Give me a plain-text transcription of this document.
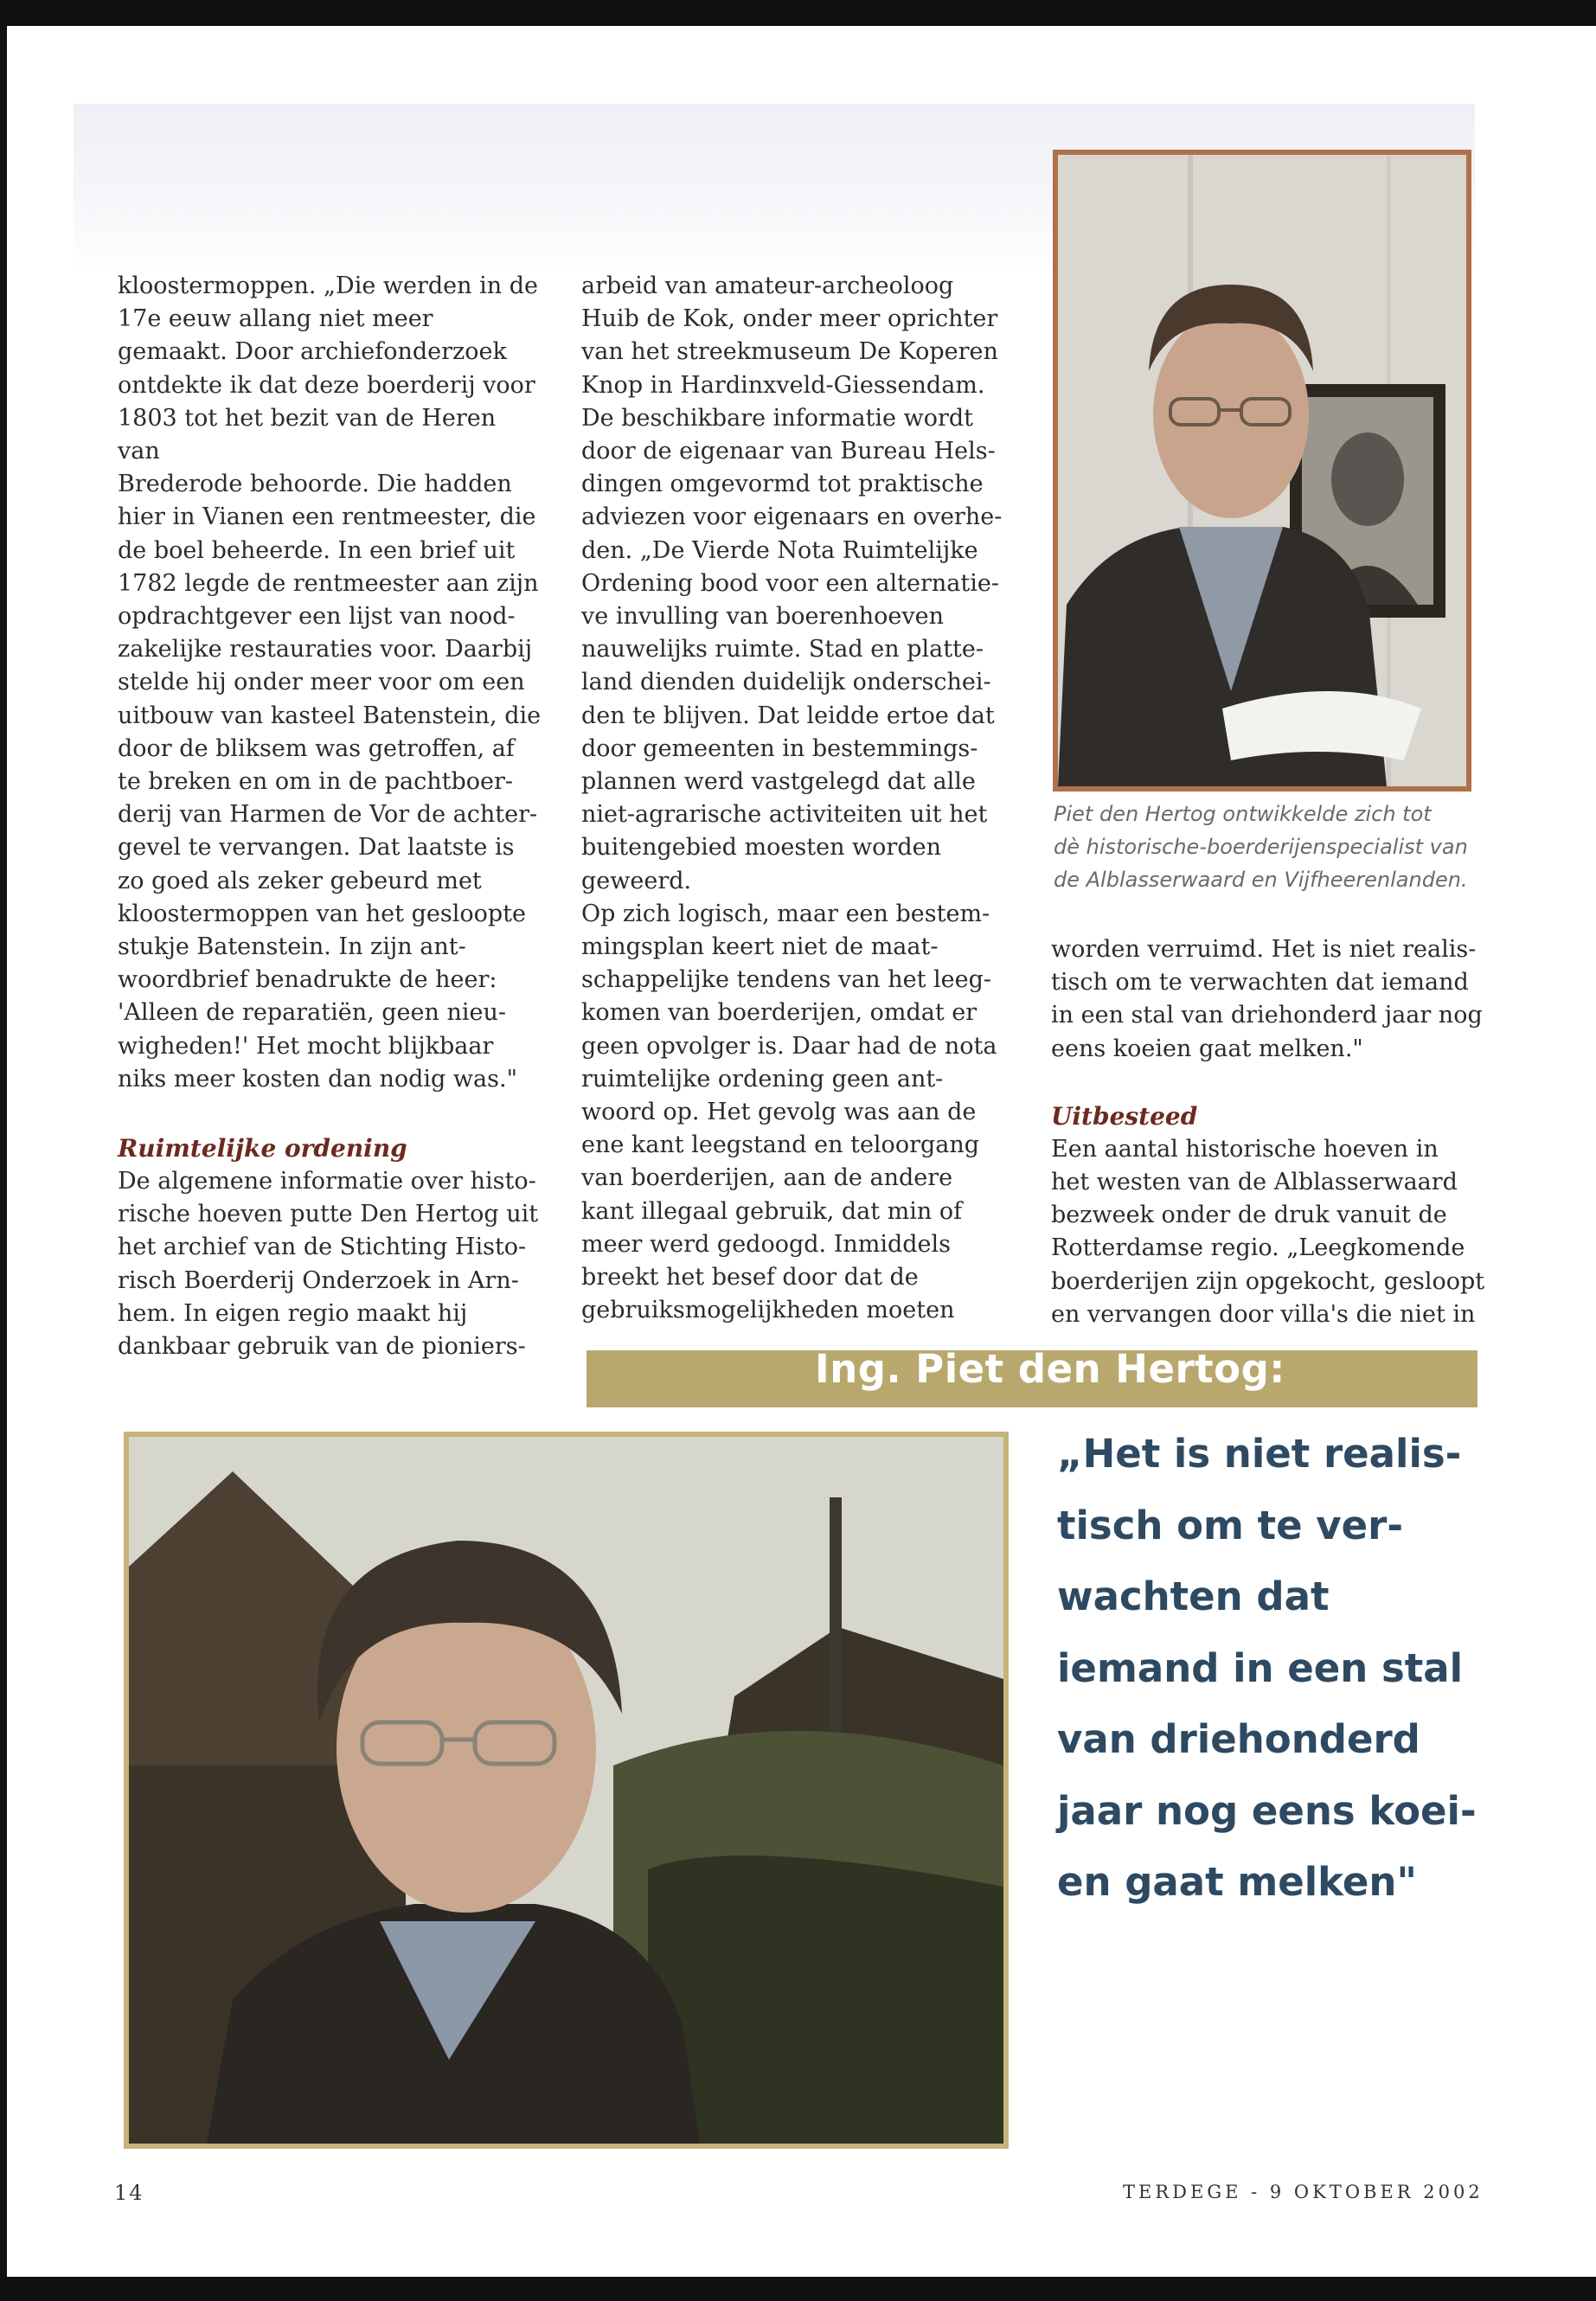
kloostermoppen. „Die werden in de
17e eeuw allang niet meer
gemaakt. Door archiefonderzoek
ontdekte ik dat deze boerderij voor
1803 tot het bezit van de Heren van
Brederode behoorde. Die hadden
hier in Vianen een rentmeester, die
de boel beheerde. In een brief uit
1782 legde de rentmeester aan zijn
opdrachtgever een lijst van nood-
zakelijke restauraties voor. Daarbij
stelde hij onder meer voor om een
uitbouw van kasteel Batenstein, die
door de bliksem was getroffen, af
te breken en om in de pachtboer-
derij van Harmen de Vor de achter-
gevel te vervangen. Dat laatste is
zo goed als zeker gebeurd met
kloostermoppen van het gesloopte
stukje Batenstein. In zijn ant-
woordbrief benadrukte de heer:
'Alleen de reparatiën, geen nieu-
wigheden!' Het mocht blijkbaar
niks meer kosten dan nodig was."

Ruimtelijke ordening

De algemene informatie over histo-
rische hoeven putte Den Hertog uit
het archief van de Stichting Histo-
risch Boerderij Onderzoek in Arn-
hem. In eigen regio maakt hij
dankbaar gebruik van de pioniers-

arbeid van amateur-archeoloog
Huib de Kok, onder meer oprichter
van het streekmuseum De Koperen
Knop in Hardinxveld-Giessendam.
De beschikbare informatie wordt
door de eigenaar van Bureau Hels-
dingen omgevormd tot praktische
adviezen voor eigenaars en overhe-
den. „De Vierde Nota Ruimtelijke
Ordening bood voor een alternatie-
ve invulling van boerenhoeven
nauwelijks ruimte. Stad en platte-
land dienden duidelijk onderschei-
den te blijven. Dat leidde ertoe dat
door gemeenten in bestemmings-
plannen werd vastgelegd dat alle
niet-agrarische activiteiten uit het
buitengebied moesten worden
geweerd.
Op zich logisch, maar een bestem-
mingsplan keert niet de maat-
schappelijke tendens van het leeg-
komen van boerderijen, omdat er
geen opvolger is. Daar had de nota
ruimtelijke ordening geen ant-
woord op. Het gevolg was aan de
ene kant leegstand en teloorgang
van boerderijen, aan de andere
kant illegaal gebruik, dat min of
meer werd gedoogd. Inmiddels
breekt het besef door dat de
gebruiksmogelijkheden moeten

Piet den Hertog ontwikkelde zich tot
dè historische-boerderijenspecialist van
de Alblasserwaard en Vijfheerenlanden.

worden verruimd. Het is niet realis-
tisch om te verwachten dat iemand
in een stal van driehonderd jaar nog
eens koeien gaat melken."

Uitbesteed

Een aantal historische hoeven in
het westen van de Alblasserwaard
bezweek onder de druk vanuit de
Rotterdamse regio. „Leegkomende
boerderijen zijn opgekocht, gesloopt
en vervangen door villa's die niet in

Ing. Piet den Hertog:
„Het is niet realis-
tisch om te ver-
wachten dat
iemand in een stal
van driehonderd
jaar nog eens koei-
en gaat melken"
14	TERDEGE - 9 OKTOBER 2002
